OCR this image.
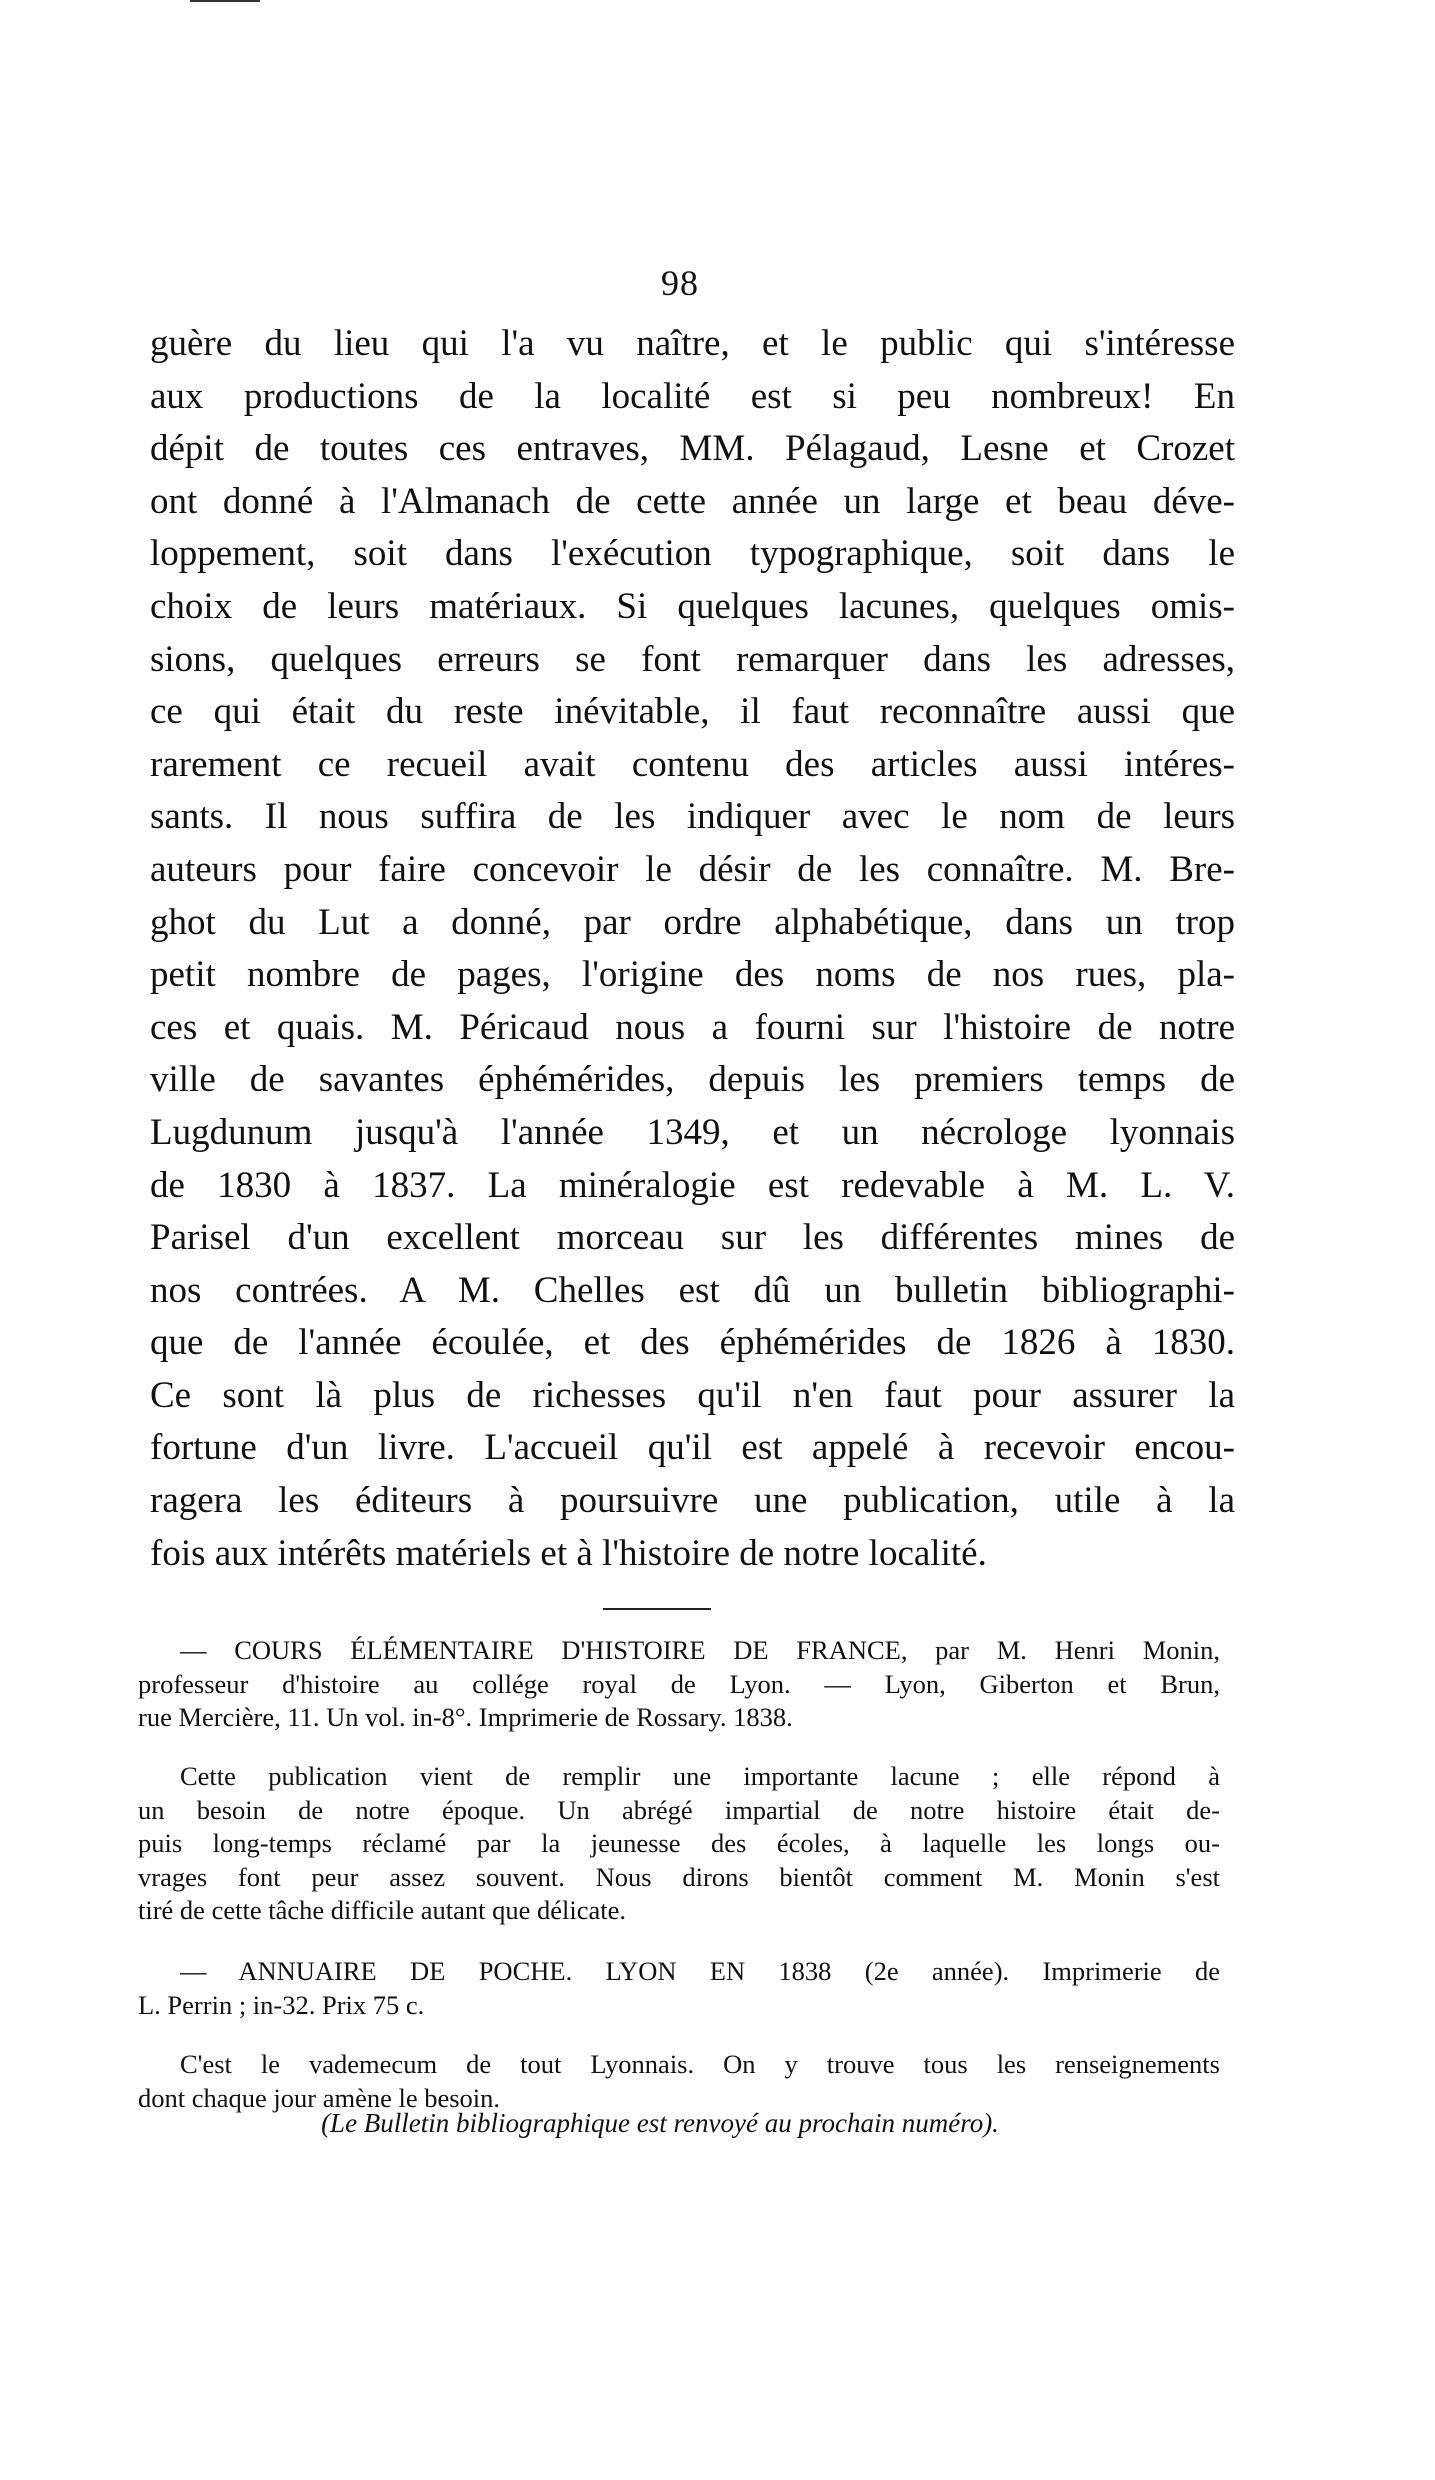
98
guère du lieu qui l'a vu naître, et le public qui s'intéresse
aux productions de la localité est si peu nombreux! En
dépit de toutes ces entraves, MM. Pélagaud, Lesne et Crozet
ont donné à l'Almanach de cette année un large et beau déve-
loppement, soit dans l'exécution typographique, soit dans le
choix de leurs matériaux. Si quelques lacunes, quelques omis-
sions, quelques erreurs se font remarquer dans les adresses,
ce qui était du reste inévitable, il faut reconnaître aussi que
rarement ce recueil avait contenu des articles aussi intéres-
sants. Il nous suffira de les indiquer avec le nom de leurs
auteurs pour faire concevoir le désir de les connaître. M. Bre-
ghot du Lut a donné, par ordre alphabétique, dans un trop
petit nombre de pages, l'origine des noms de nos rues, pla-
ces et quais. M. Péricaud nous a fourni sur l'histoire de notre
ville de savantes éphémérides, depuis les premiers temps de
Lugdunum jusqu'à l'année 1349, et un nécrologe lyonnais
de 1830 à 1837. La minéralogie est redevable à M. L. V.
Parisel d'un excellent morceau sur les différentes mines de
nos contrées. A M. Chelles est dû un bulletin bibliographi-
que de l'année écoulée, et des éphémérides de 1826 à 1830.
Ce sont là plus de richesses qu'il n'en faut pour assurer la
fortune d'un livre. L'accueil qu'il est appelé à recevoir encou-
ragera les éditeurs à poursuivre une publication, utile à la
fois aux intérêts matériels et à l'histoire de notre localité.
— COURS ÉLÉMENTAIRE D'HISTOIRE DE FRANCE, par M. Henri Monin,
professeur d'histoire au collége royal de Lyon. — Lyon, Giberton et Brun,
rue Mercière, 11. Un vol. in-8°. Imprimerie de Rossary. 1838.
Cette publication vient de remplir une importante lacune ; elle répond à
un besoin de notre époque. Un abrégé impartial de notre histoire était de-
puis long-temps réclamé par la jeunesse des écoles, à laquelle les longs ou-
vrages font peur assez souvent. Nous dirons bientôt comment M. Monin s'est
tiré de cette tâche difficile autant que délicate.
— ANNUAIRE DE POCHE. LYON EN 1838 (2e année). Imprimerie de
L. Perrin ; in-32. Prix 75 c.
C'est le vademecum de tout Lyonnais. On y trouve tous les renseignements
dont chaque jour amène le besoin.
(Le Bulletin bibliographique est renvoyé au prochain numéro).
